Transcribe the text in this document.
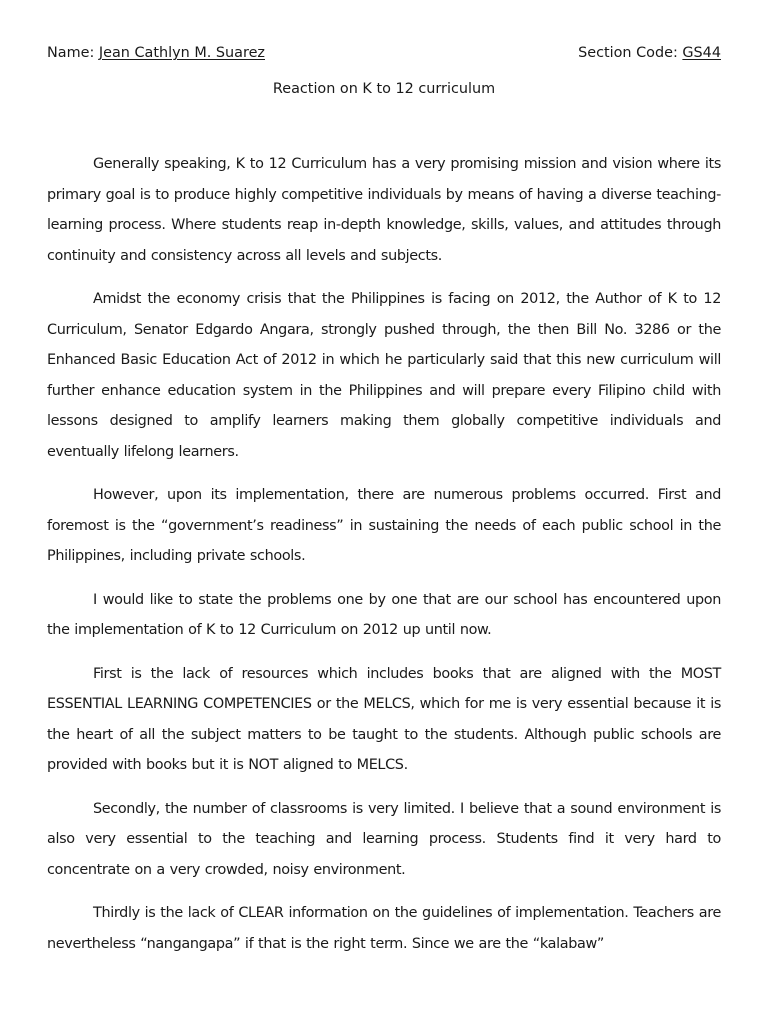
Name: Jean Cathlyn M. Suarez	Section Code: GS44
Reaction on K to 12 curriculum

Generally speaking, K to 12 Curriculum has a very promising mission and vision where its primary goal is to produce highly competitive individuals by means of having a diverse teaching-learning process. Where students reap in-depth knowledge, skills, values, and attitudes through continuity and consistency across all levels and subjects.

Amidst the economy crisis that the Philippines is facing on 2012, the Author of K to 12 Curriculum, Senator Edgardo Angara, strongly pushed through, the then Bill No. 3286 or the Enhanced Basic Education Act of 2012 in which he particularly said that this new curriculum will further enhance education system in the Philippines and will prepare every Filipino child with lessons designed to amplify learners making them globally competitive individuals and eventually lifelong learners.

However, upon its implementation, there are numerous problems occurred. First and foremost is the “government’s readiness” in sustaining the needs of each public school in the Philippines, including private schools.

I would like to state the problems one by one that are our school has encountered upon the implementation of K to 12 Curriculum on 2012 up until now.

First is the lack of resources which includes books that are aligned with the MOST ESSENTIAL LEARNING COMPETENCIES or the MELCS, which for me is very essential because it is the heart of all the subject matters to be taught to the students. Although public schools are provided with books but it is NOT aligned to MELCS.

Secondly, the number of classrooms is very limited. I believe that a sound environment is also very essential to the teaching and learning process. Students find it very hard to concentrate on a very crowded, noisy environment.

Thirdly is the lack of CLEAR information on the guidelines of implementation. Teachers are nevertheless “nangangapa” if that is the right term. Since we are the “kalabaw”
